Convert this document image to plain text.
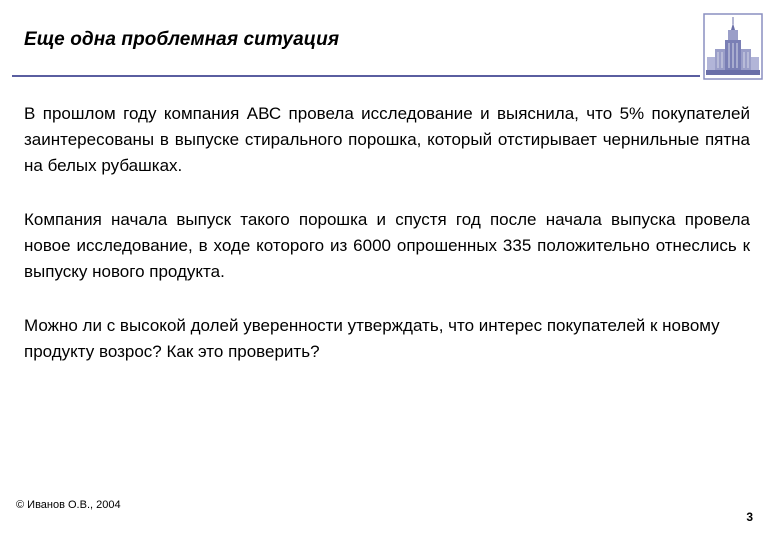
Еще одна проблемная ситуация

В прошлом году компания АВС провела исследование и выяснила, что 5% покупателей заинтересованы в выпуске стирального порошка, который отстирывает чернильные пятна на белых рубашках.

Компания начала выпуск такого порошка и спустя год после начала выпуска провела новое исследование, в ходе которого из 6000 опрошенных 335 положительно отнеслись к выпуску нового продукта.

Можно ли с высокой долей уверенности утверждать, что интерес покупателей к новому продукту возрос? Как это проверить?

© Иванов О.В., 2004

3
